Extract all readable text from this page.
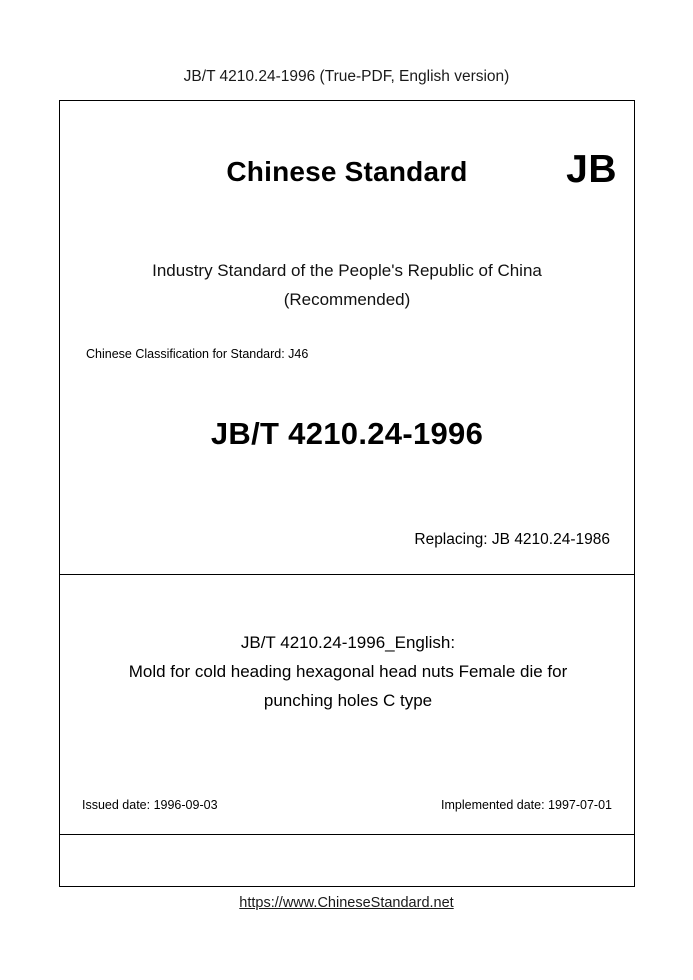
JB/T 4210.24-1996 (True-PDF, English version)
Chinese Standard	JB
Industry Standard of the People's Republic of China
(Recommended)
Chinese Classification for Standard: J46
JB/T 4210.24-1996
Replacing: JB 4210.24-1986
JB/T 4210.24-1996_English:
Mold for cold heading hexagonal head nuts Female die for
punching holes C type
Issued date: 1996-09-03	Implemented date: 1997-07-01
https://www.ChineseStandard.net
